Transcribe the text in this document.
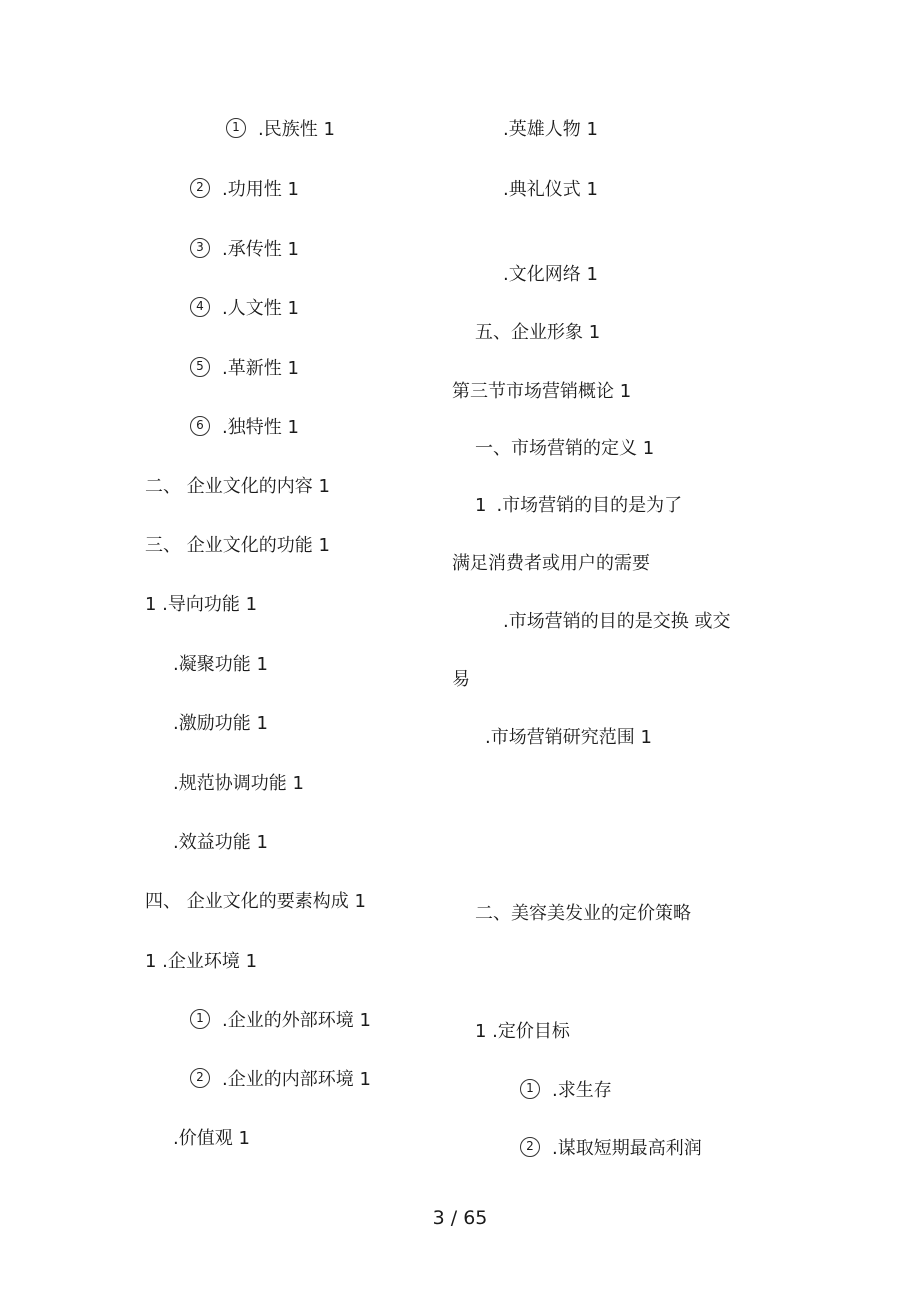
1 .民族性 1
2 .功用性 1
3 .承传性 1
4 .人文性 1
5 .革新性 1
6 .独特性 1
二、 企业文化的内容 1
三、 企业文化的功能 1
1 .导向功能 1
.凝聚功能 1
.激励功能 1
.规范协调功能 1
.效益功能 1
四、 企业文化的要素构成 1
1 .企业环境 1
1 .企业的外部环境 1
2 .企业的内部环境 1
.价值观 1
.英雄人物 1
.典礼仪式 1
.文化网络 1
五、企业形象 1
第三节市场营销概论 1
一、市场营销的定义 1
1 .市场营销的目的是为了
满足消费者或用户的需要
.市场营销的目的是交换 或交
易
.市场营销研究范围 1
二、美容美发业的定价策略
1 .定价目标
1 .求生存
2 .谋取短期最高利润
3 / 65
